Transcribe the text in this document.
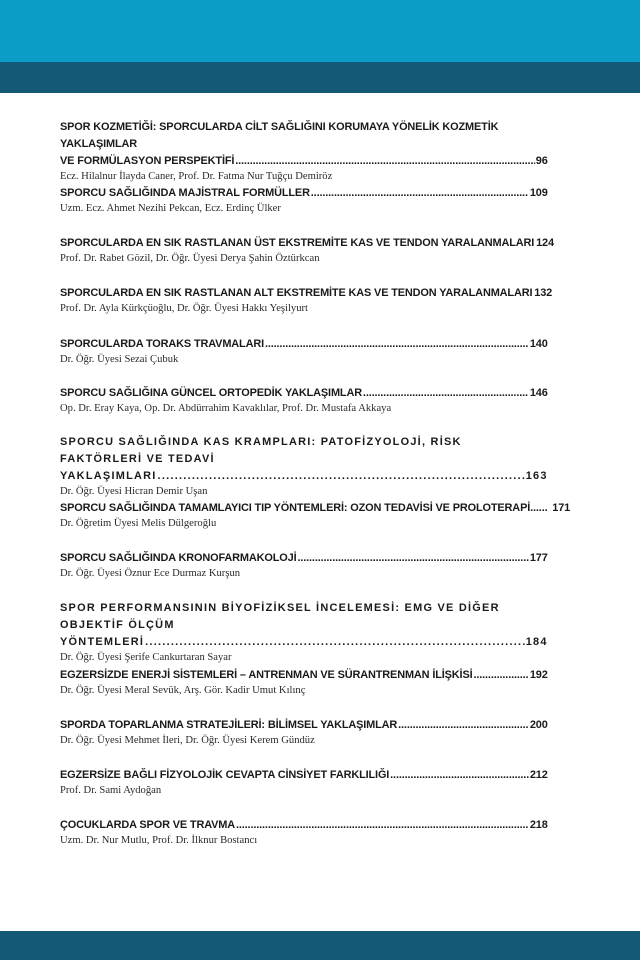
SPOR KOZMETİĞİ: SPORCULARDA CİLT SAĞLIĞINI KORUMAYA YÖNELİK KOZMETİK YAKLAŞIMLAR
VE FORMÜLASYON PERSPEKTİFİ .....	96
Ecz. Hilalnur İlayda Caner, Prof. Dr. Fatma Nur Tuğçu Demiröz
SPORCU SAĞLIĞINDA MAJİSTRAL FORMÜLLER .....	109
Uzm. Ecz. Ahmet Nezihi Pekcan, Ecz. Erdinç Ülker
SPORCULARDA EN SIK RASTLANAN ÜST EKSTREMİTE KAS VE TENDON YARALANMALARI 124
Prof. Dr. Rabet Gözil, Dr. Öğr. Üyesi Derya Şahin Öztürkcan
SPORCULARDA EN SIK RASTLANAN ALT EKSTREMİTE KAS VE TENDON YARALANMALARI 132
Prof. Dr. Ayla Kürkçüoğlu, Dr. Öğr. Üyesi Hakkı Yeşilyurt
SPORCULARDA TORAKS TRAVMALARI .....	140
Dr. Öğr. Üyesi Sezai Çubuk
SPORCU SAĞLIĞINA GÜNCEL ORTOPEDİK YAKLAŞIMLAR .....	146
Op. Dr. Eray Kaya, Op. Dr. Abdürrahim Kavaklılar, Prof. Dr. Mustafa Akkaya
SPORCU SAĞLIĞINDA KAS KRAMPLARI: PATOFİZYOLOJİ, RİSK FAKTÖRLERİ VE TEDAVİ
YAKLAŞIMLARI .....	163
Dr. Öğr. Üyesi Hicran Demir Uşan
SPORCU SAĞLIĞINDA TAMAMLAYICI TIP YÖNTEMLERİ: OZON TEDAVİSİ VE PROLOTERAPİ ...... 171
Dr. Öğretim Üyesi Melis Dülgeroğlu
SPORCU SAĞLIĞINDA KRONOFARMAKOLOJİ .....	177
Dr. Öğr. Üyesi Öznur Ece Durmaz Kurşun
SPOR PERFORMANSININ BİYOFİZİKSEL İNCELEMESİ: EMG VE DİĞER OBJEKTİF ÖLÇÜM
YÖNTEMLERİ .....	184
Dr. Öğr. Üyesi Şerife Cankurtaran Sayar
EGZERSİZDE ENERJİ SİSTEMLERİ – ANTRENMAN VE SÜRANTRENMAN İLİŞKİSİ .....	192
Dr. Öğr. Üyesi Meral Sevük, Arş. Gör. Kadir Umut Kılınç
SPORDA TOPARLANMA STRATEJİLERİ: BİLİMSEL YAKLAŞIMLAR .....	200
Dr. Öğr. Üyesi Mehmet İleri, Dr. Öğr. Üyesi Kerem Gündüz
EGZERSİZE BAĞLI FİZYOLOJİK CEVAPTA CİNSİYET FARKLILIĞI .....	212
Prof. Dr. Sami Aydoğan
ÇOCUKLARDA SPOR VE TRAVMA .....	218
Uzm. Dr. Nur Mutlu, Prof. Dr. İlknur Bostancı
